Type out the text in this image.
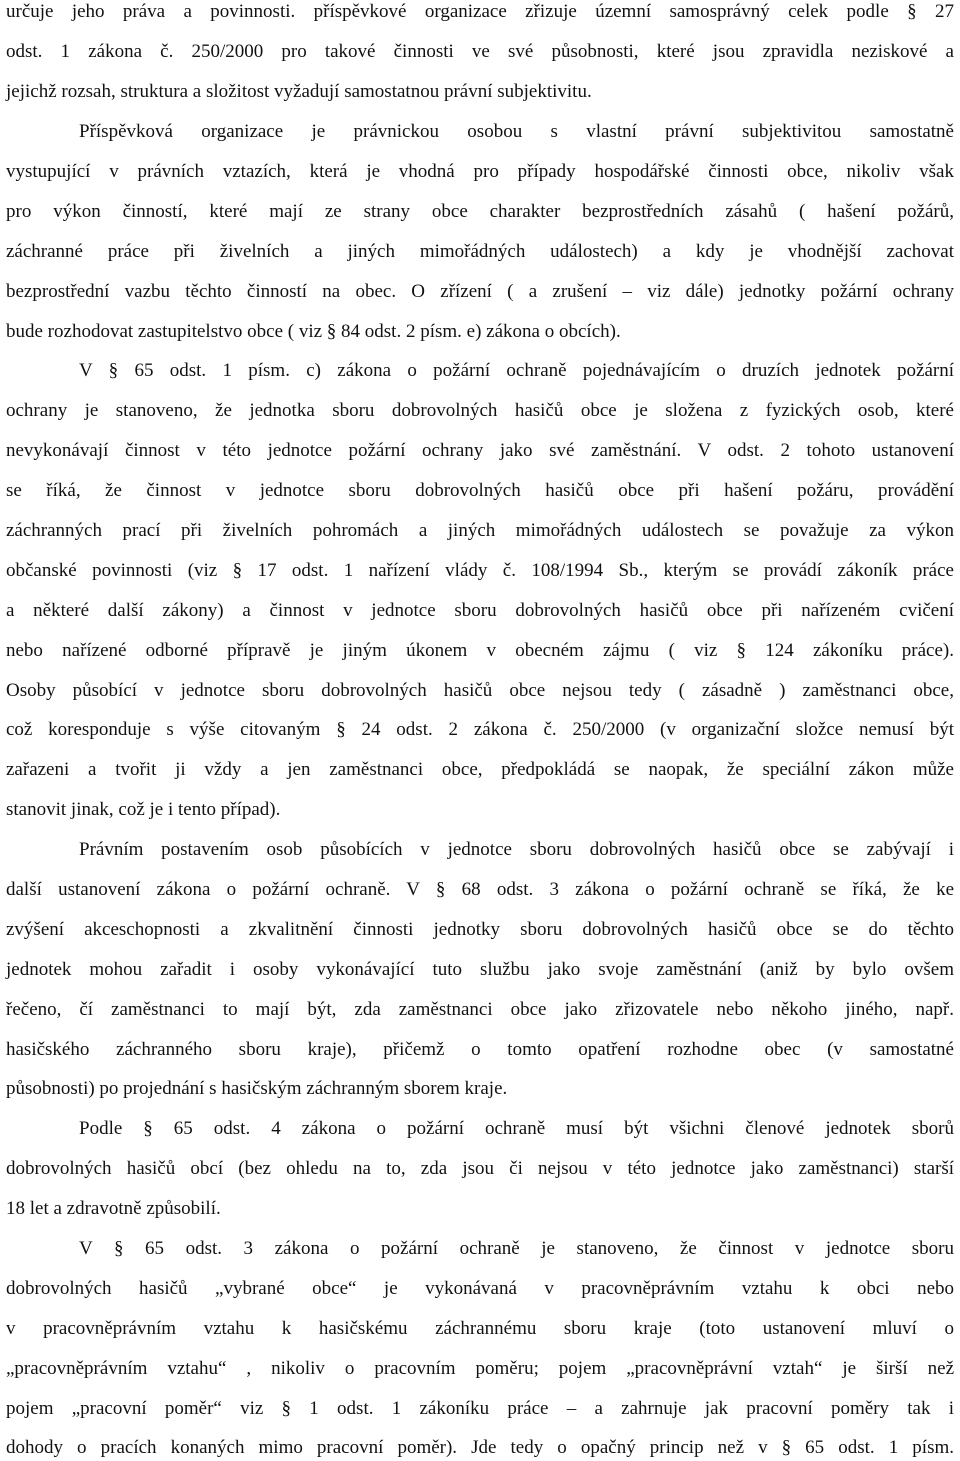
určuje jeho práva a povinnosti. příspěvkové organizace zřizuje územní samosprávný celek podle § 27
odst. 1 zákona č. 250/2000 pro takové činnosti ve své působnosti, které jsou zpravidla neziskové a
jejichž rozsah, struktura a složitost vyžadují samostatnou právní subjektivitu.
Příspěvková organizace je právnickou osobou s vlastní právní subjektivitou samostatně
vystupující v právních vztazích, která je vhodná pro případy hospodářské činnosti obce, nikoliv však
pro výkon činností, které mají ze strany obce charakter bezprostředních zásahů ( hašení požárů,
záchranné práce při živelních a jiných mimořádných událostech) a kdy je vhodnější zachovat
bezprostřední vazbu těchto činností na obec. O zřízení ( a zrušení – viz dále) jednotky požární ochrany
bude rozhodovat zastupitelstvo obce ( viz § 84 odst. 2 písm. e) zákona o obcích).
V § 65 odst. 1 písm. c) zákona o požární ochraně pojednávajícím o druzích jednotek požární
ochrany je stanoveno, že jednotka sboru dobrovolných hasičů obce je složena z fyzických osob, které
nevykonávají činnost v této jednotce požární ochrany jako své zaměstnání. V odst. 2 tohoto ustanovení
se říká, že činnost v jednotce sboru dobrovolných hasičů obce při hašení požáru, provádění
záchranných prací při živelních pohromách a jiných mimořádných událostech se považuje za výkon
občanské povinnosti (viz § 17 odst. 1 nařízení vlády č. 108/1994 Sb., kterým se provádí zákoník práce
a některé další zákony) a činnost v jednotce sboru dobrovolných hasičů obce při nařízeném cvičení
nebo nařízené odborné přípravě je jiným úkonem v obecném zájmu ( viz § 124 zákoníku práce).
Osoby působící v jednotce sboru dobrovolných hasičů obce nejsou tedy ( zásadně ) zaměstnanci obce,
což koresponduje s výše citovaným § 24 odst. 2 zákona č. 250/2000 (v organizační složce nemusí být
zařazeni a tvořit ji vždy a jen zaměstnanci obce, předpokládá se naopak, že speciální zákon může
stanovit jinak, což je i tento případ).
Právním postavením osob působících v jednotce sboru dobrovolných hasičů obce se zabývají i
další ustanovení zákona o požární ochraně. V § 68 odst. 3 zákona o požární ochraně se říká, že ke
zvýšení akceschopnosti a zkvalitnění činnosti jednotky sboru dobrovolných hasičů obce se do těchto
jednotek mohou zařadit i osoby vykonávající tuto službu jako svoje zaměstnání (aniž by bylo ovšem
řečeno, čí zaměstnanci to mají být, zda zaměstnanci obce jako zřizovatele nebo někoho jiného, např.
hasičského záchranného sboru kraje), přičemž o tomto opatření rozhodne obec (v samostatné
působnosti) po projednání s hasičským záchranným sborem kraje.
Podle § 65 odst. 4 zákona o požární ochraně musí být všichni členové jednotek sborů
dobrovolných hasičů obcí (bez ohledu na to, zda jsou či nejsou v této jednotce jako zaměstnanci) starší
18 let a zdravotně způsobilí.
V § 65 odst. 3 zákona o požární ochraně je stanoveno, že činnost v jednotce sboru
dobrovolných hasičů „vybrané obce“ je vykonávaná v pracovněprávním vztahu k obci nebo
v pracovněprávním vztahu k hasičskému záchrannému sboru kraje (toto ustanovení mluví o
„pracovněprávním vztahu“ , nikoliv o pracovním poměru; pojem „pracovněprávní vztah“ je širší než
pojem „pracovní poměr“ viz § 1 odst. 1 zákoníku práce – a zahrnuje jak pracovní poměry tak i
dohody o pracích konaných mimo pracovní poměr). Jde tedy o opačný princip než v § 65 odst. 1 písm.
